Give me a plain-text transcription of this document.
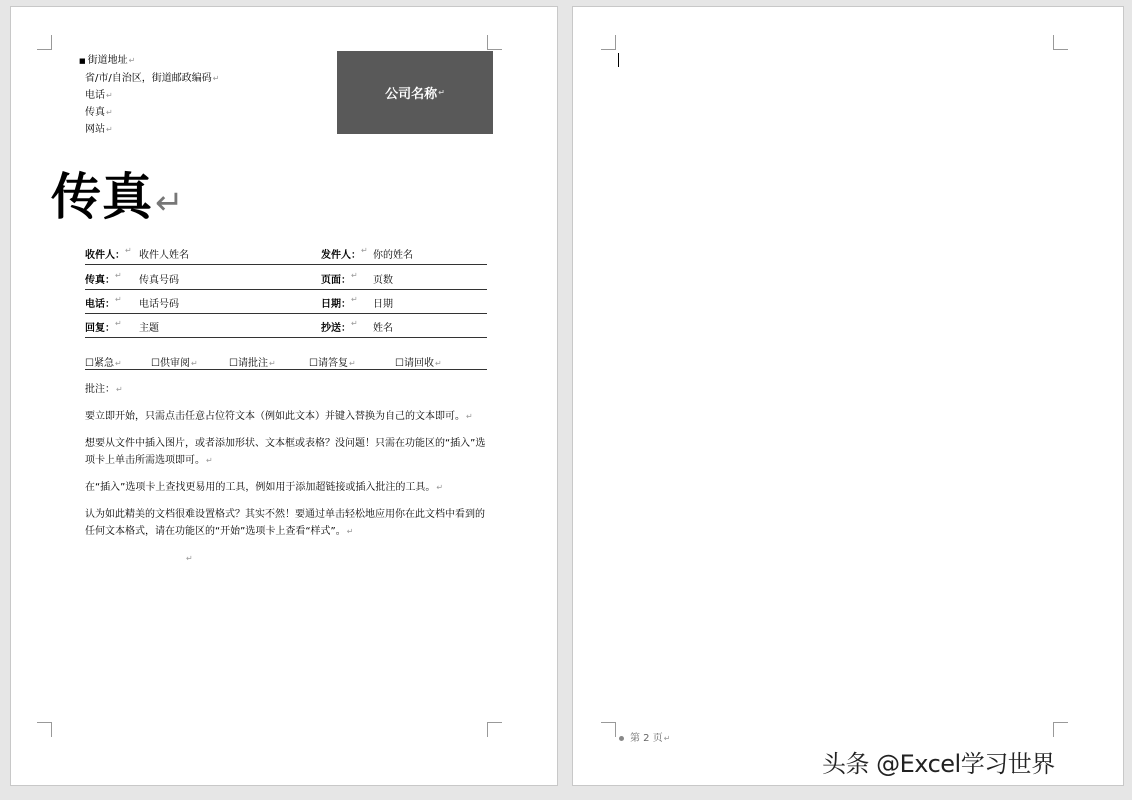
■ 街道地址↵
省/市/自治区，街道邮政编码↵
电话↵
传真↵
网站↵
公司名称 ↵
传真↵
收件人： ↵ 收件人姓名	发件人： ↵ 你的姓名
传真： ↵ 传真号码	页面： ↵ 页数
电话： ↵ 电话号码	日期： ↵ 日期
回复： ↵ 主题	抄送： ↵ 姓名
☐紧急↵	☐供审阅↵	☐请批注↵	☐请答复↵	☐请回收↵
批注：↵
要立即开始，只需点击任意占位符文本（例如此文本）并键入替换为自己的文本即可。↵
想要从文件中插入图片，或者添加形状、文本框或表格？没问题！只需在功能区的“插入”选项卡上单击所需选项即可。↵
在“插入”选项卡上查找更易用的工具，例如用于添加超链接或插入批注的工具。↵
认为如此精美的文档很难设置格式？其实不然！要通过单击轻松地应用你在此文档中看到的任何文本格式，请在功能区的“开始”选项卡上查看“样式”。↵
↵
第 2 页↵
头条 @Excel学习世界
